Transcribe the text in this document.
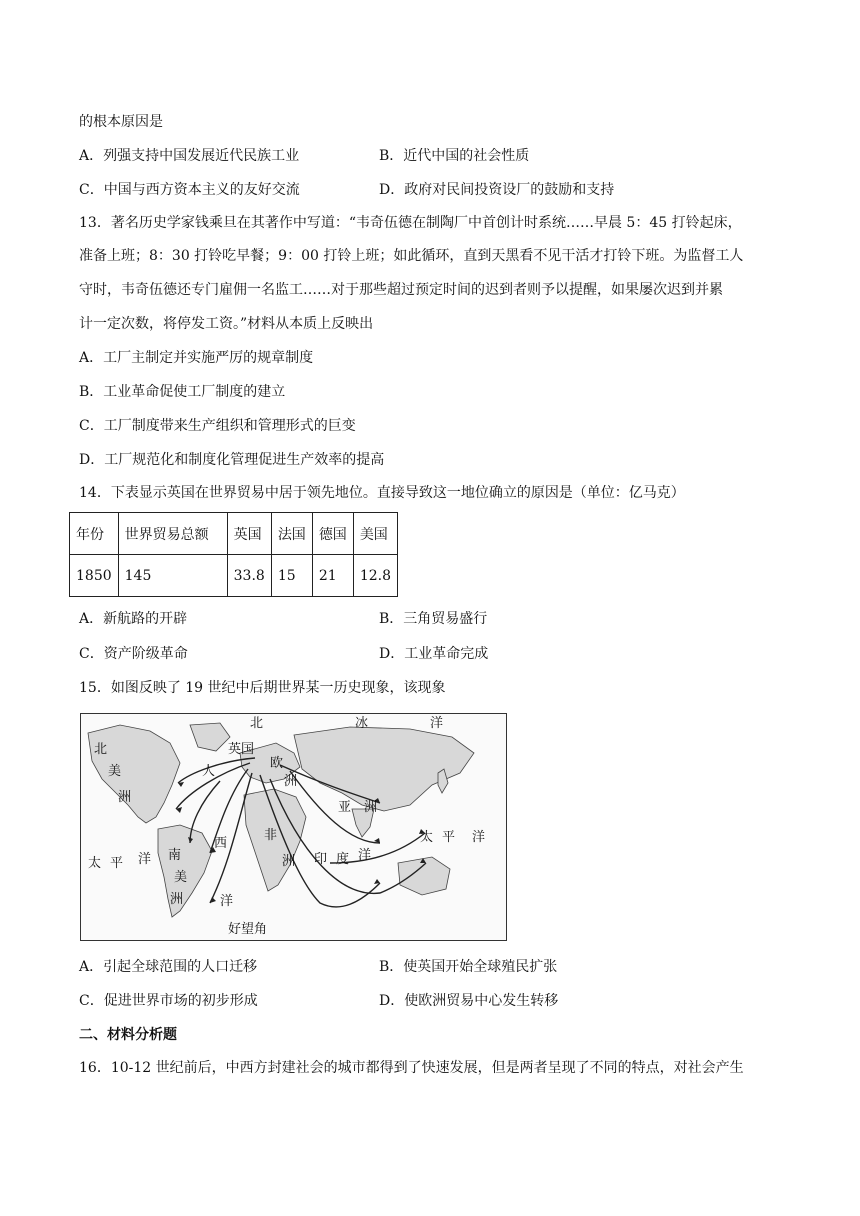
的根本原因是
A．列强支持中国发展近代民族工业	B．近代中国的社会性质
C．中国与西方资本主义的友好交流	D．政府对民间投资设厂的鼓励和支持
13．著名历史学家钱乘旦在其著作中写道：“韦奇伍德在制陶厂中首创计时系统……早晨 5：45 打铃起床，
准备上班；8：30 打铃吃早餐；9：00 打铃上班；如此循环，直到天黑看不见干活才打铃下班。为监督工人
守时，韦奇伍德还专门雇佣一名监工……对于那些超过预定时间的迟到者则予以提醒，如果屡次迟到并累
计一定次数，将停发工资。”材料从本质上反映出
A．工厂主制定并实施严厉的规章制度
B．工业革命促使工厂制度的建立
C．工厂制度带来生产组织和管理形式的巨变
D．工厂规范化和制度化管理促进生产效率的提高
14．下表显示英国在世界贸易中居于领先地位。直接导致这一地位确立的原因是（单位：亿马克）
年份	世界贸易总额	英国	法国	德国	美国
1850	145	33.8	15	21	12.8
A．新航路的开辟	B．三角贸易盛行
C．资产阶级革命	D．工业革命完成
15．如图反映了 19 世纪中后期世界某一历史现象，该现象
北	冰	洋
北
美
洲
人
英国
欧
洲
亚 洲
非
洲
西
太 平 洋 南
美
洲	洋
印 度 洋
太 平 洋
好望角
A．引起全球范围的人口迁移	B．使英国开始全球殖民扩张
C．促进世界市场的初步形成	D．使欧洲贸易中心发生转移
二、材料分析题
16．10-12 世纪前后，中西方封建社会的城市都得到了快速发展，但是两者呈现了不同的特点，对社会产生
